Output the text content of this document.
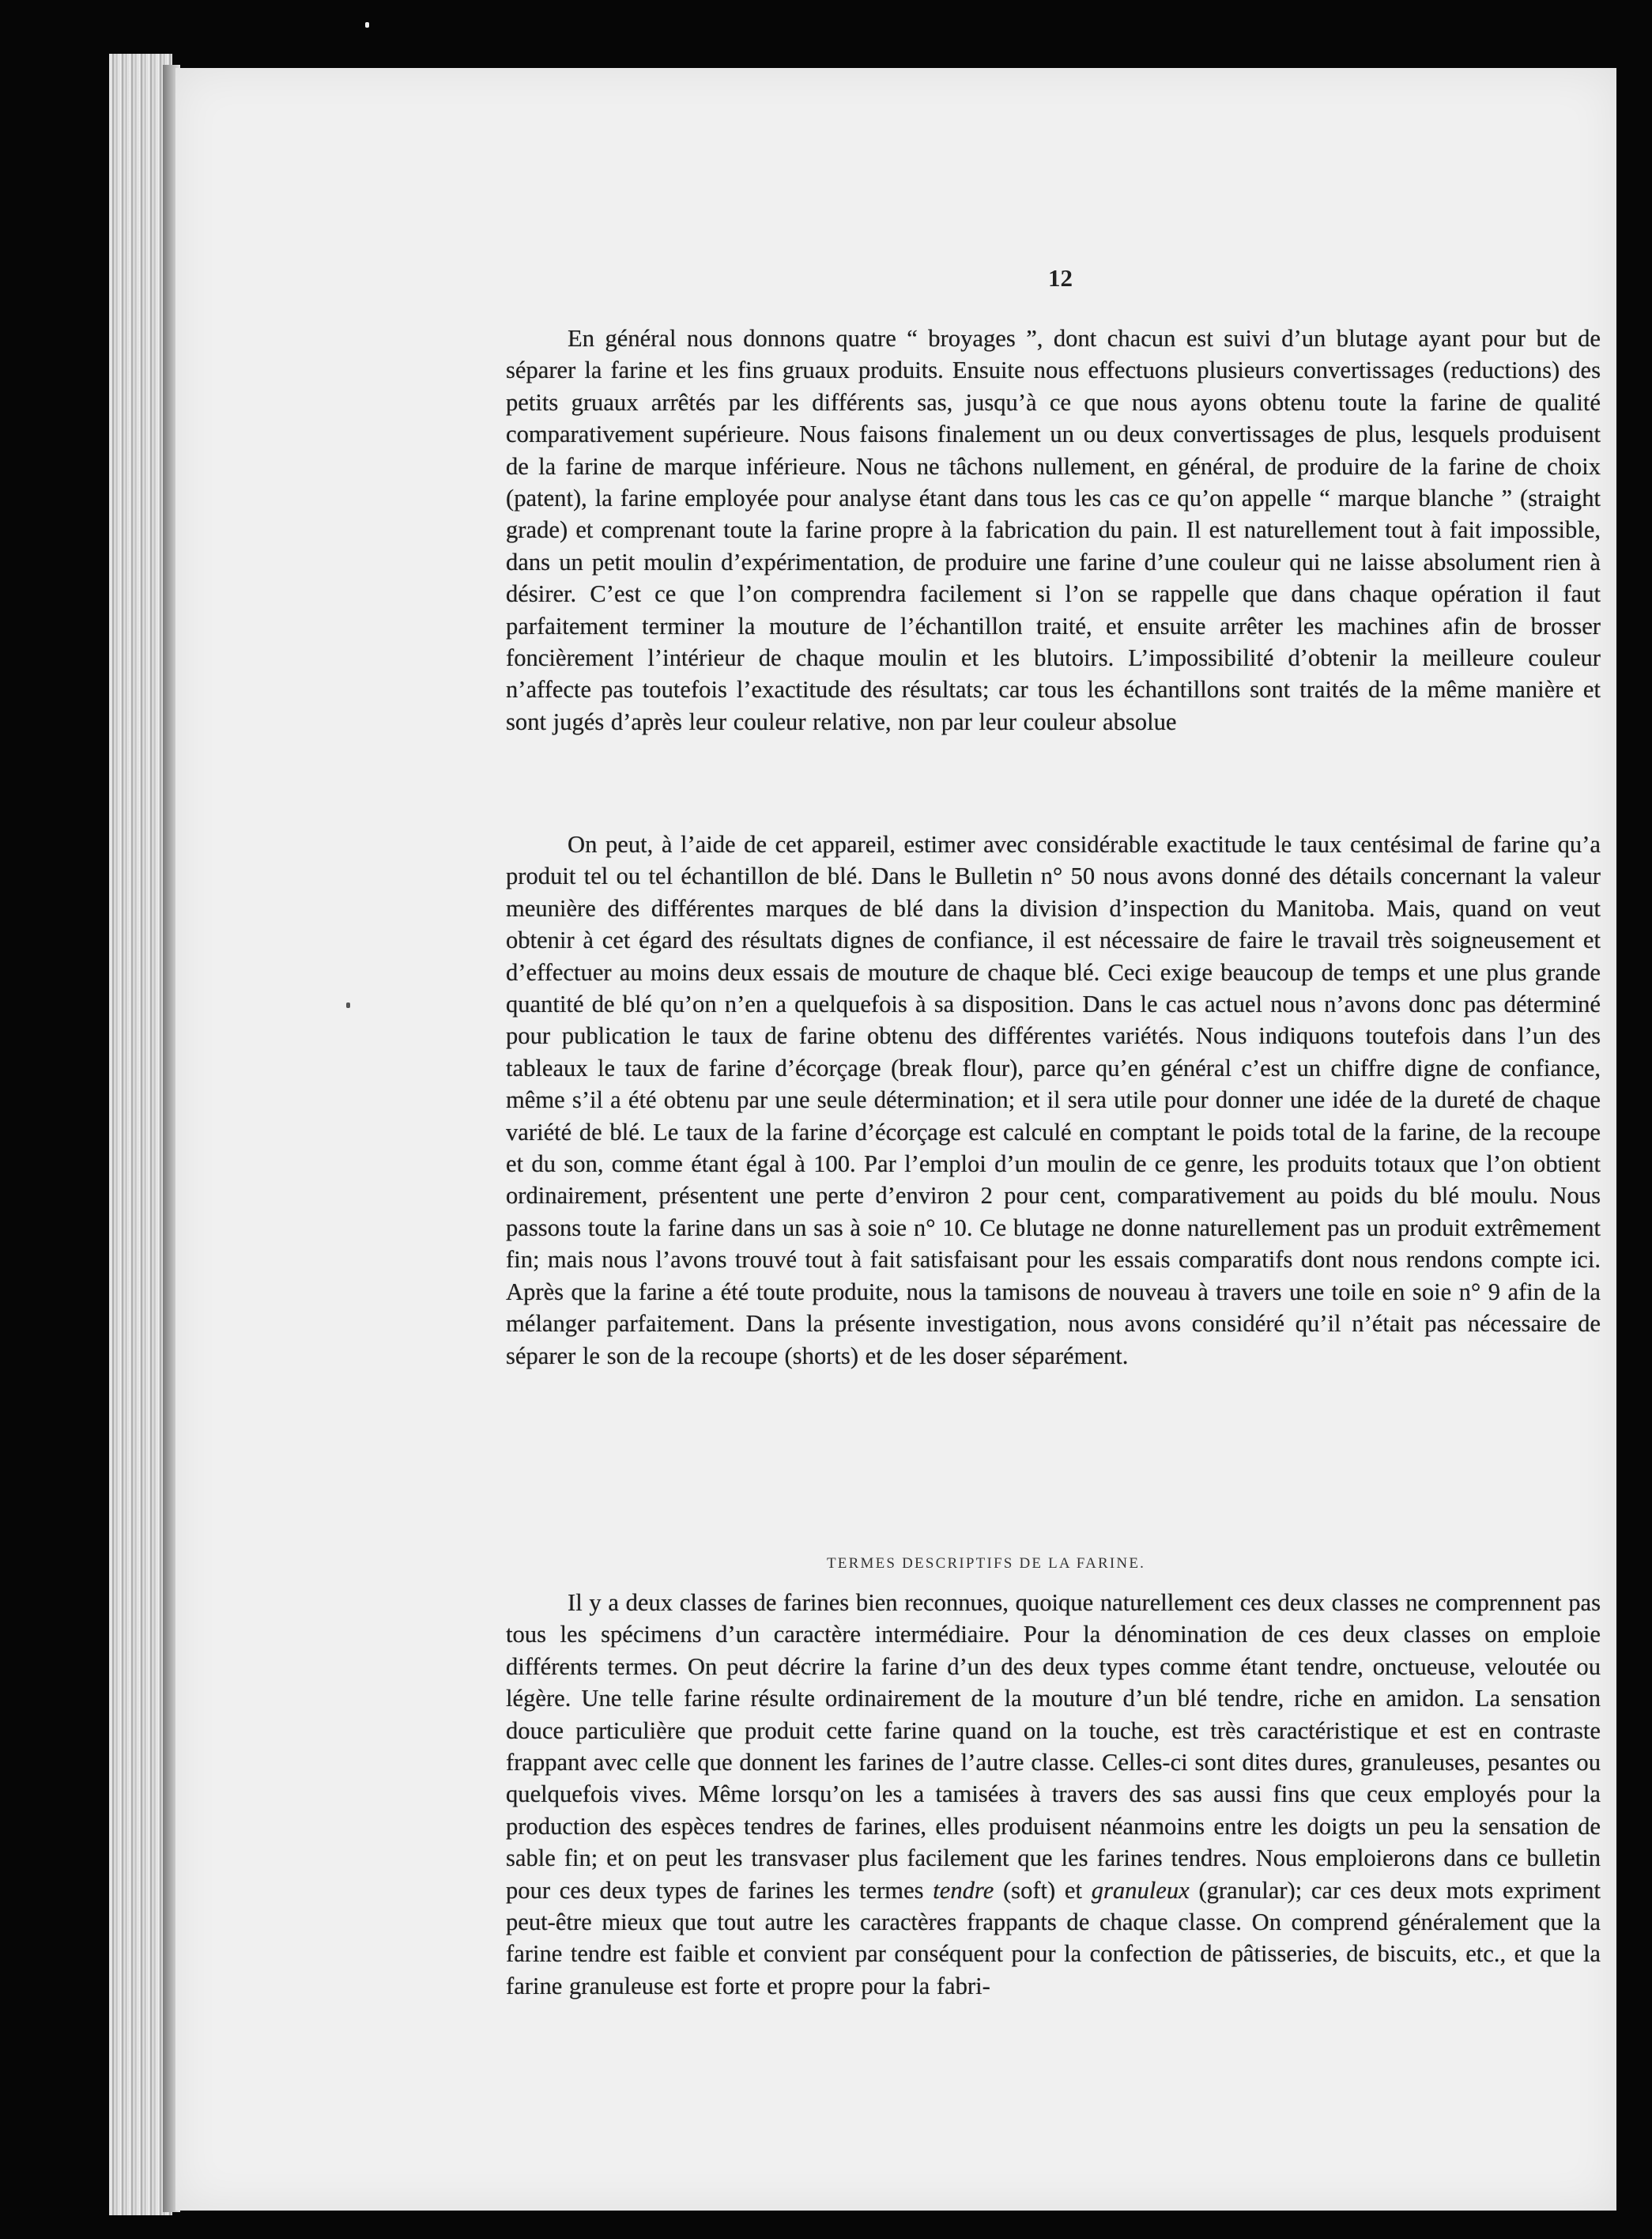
12

En général nous donnons quatre “ broyages ”, dont chacun est suivi d’un blutage ayant pour but de séparer la farine et les fins gruaux produits. Ensuite nous effectuons plusieurs convertissages (reductions) des petits gruaux arrêtés par les différents sas, jusqu’à ce que nous ayons obtenu toute la farine de qualité comparativement supérieure. Nous faisons finalement un ou deux convertissages de plus, lesquels produisent de la farine de marque inférieure. Nous ne tâchons nullement, en général, de produire de la farine de choix (patent), la farine employée pour analyse étant dans tous les cas ce qu’on appelle “ marque blanche ” (straight grade) et comprenant toute la farine propre à la fabrication du pain. Il est naturellement tout à fait impossible, dans un petit moulin d’expérimentation, de produire une farine d’une couleur qui ne laisse absolument rien à désirer. C’est ce que l’on comprendra facilement si l’on se rappelle que dans chaque opération il faut parfaitement terminer la mouture de l’échantillon traité, et ensuite arrêter les machines afin de brosser foncièrement l’intérieur de chaque moulin et les blutoirs. L’impossibilité d’obtenir la meilleure couleur n’affecte pas toutefois l’exactitude des résultats; car tous les échantillons sont traités de la même manière et sont jugés d’après leur couleur relative, non par leur couleur absolue

On peut, à l’aide de cet appareil, estimer avec considérable exactitude le taux centésimal de farine qu’a produit tel ou tel échantillon de blé. Dans le Bulletin n° 50 nous avons donné des détails concernant la valeur meunière des différentes marques de blé dans la division d’inspection du Manitoba. Mais, quand on veut obtenir à cet égard des résultats dignes de confiance, il est nécessaire de faire le travail très soigneusement et d’effectuer au moins deux essais de mouture de chaque blé. Ceci exige beaucoup de temps et une plus grande quantité de blé qu’on n’en a quelquefois à sa disposition. Dans le cas actuel nous n’avons donc pas déterminé pour publication le taux de farine obtenu des différentes variétés. Nous indiquons toutefois dans l’un des tableaux le taux de farine d’écorçage (break flour), parce qu’en général c’est un chiffre digne de confiance, même s’il a été obtenu par une seule détermination; et il sera utile pour donner une idée de la dureté de chaque variété de blé. Le taux de la farine d’écorçage est calculé en comptant le poids total de la farine, de la recoupe et du son, comme étant égal à 100. Par l’emploi d’un moulin de ce genre, les produits totaux que l’on obtient ordinairement, présentent une perte d’environ 2 pour cent, comparativement au poids du blé moulu. Nous passons toute la farine dans un sas à soie n° 10. Ce blutage ne donne naturellement pas un produit extrêmement fin; mais nous l’avons trouvé tout à fait satisfaisant pour les essais comparatifs dont nous rendons compte ici. Après que la farine a été toute produite, nous la tamisons de nouveau à travers une toile en soie n° 9 afin de la mélanger parfaitement. Dans la présente investigation, nous avons considéré qu’il n’était pas nécessaire de séparer le son de la recoupe (shorts) et de les doser séparément.

TERMES DESCRIPTIFS DE LA FARINE.

Il y a deux classes de farines bien reconnues, quoique naturellement ces deux classes ne comprennent pas tous les spécimens d’un caractère intermédiaire. Pour la dénomination de ces deux classes on emploie différents termes. On peut décrire la farine d’un des deux types comme étant tendre, onctueuse, veloutée ou légère. Une telle farine résulte ordinairement de la mouture d’un blé tendre, riche en amidon. La sensation douce particulière que produit cette farine quand on la touche, est très caractéristique et est en contraste frappant avec celle que donnent les farines de l’autre classe. Celles-ci sont dites dures, granuleuses, pesantes ou quelquefois vives. Même lorsqu’on les a tamisées à travers des sas aussi fins que ceux employés pour la production des espèces tendres de farines, elles produisent néanmoins entre les doigts un peu la sensation de sable fin; et on peut les transvaser plus facilement que les farines tendres. Nous emploierons dans ce bulletin pour ces deux types de farines les termes tendre (soft) et granuleux (granular); car ces deux mots expriment peut-être mieux que tout autre les caractères frappants de chaque classe. On comprend généralement que la farine tendre est faible et convient par conséquent pour la confection de pâtisseries, de biscuits, etc., et que la farine granuleuse est forte et propre pour la fabri-
